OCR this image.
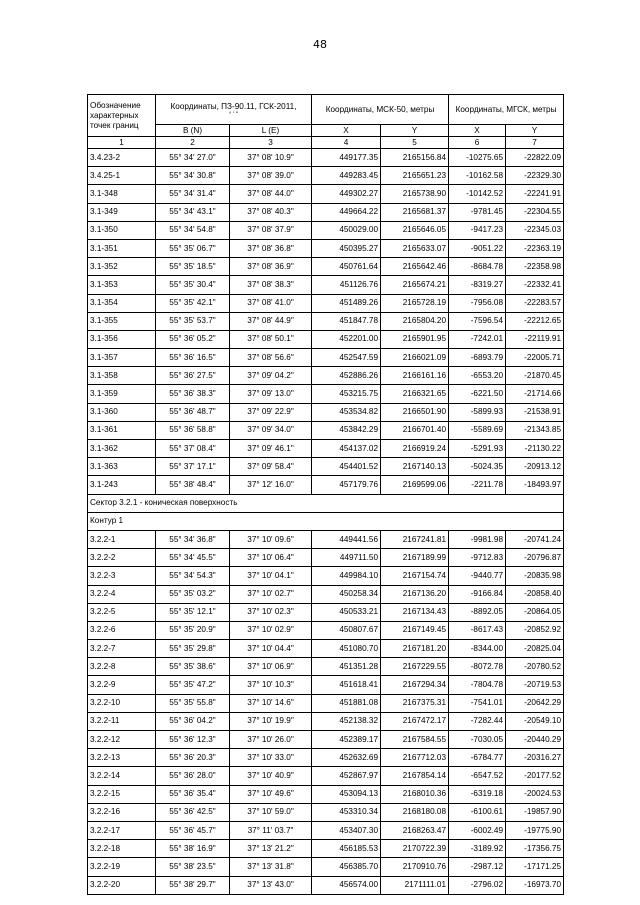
48
Обозначение характерных точек границ	Координаты, ПЗ-90.11, ГСК-2011,
° ' "		Координаты, МСК-50, метры		Координаты, МГСК, метры	
	B (N)	L (E)	X	Y	X	Y
1	2	3	4	5	6	7
3.4.23-2	55° 34' 27.0"	37° 08' 10.9"	449177.35	2165156.84	-10275.65	-22822.09
3.4.25-1	55° 34' 30.8"	37° 08' 39.0"	449283.45	2165651.23	-10162.58	-22329.30
3.1-348	55° 34' 31.4"	37° 08' 44.0"	449302.27	2165738.90	-10142.52	-22241.91
3.1-349	55° 34' 43.1"	37° 08' 40.3"	449664.22	2165681.37	-9781.45	-22304.55
3.1-350	55° 34' 54.8"	37° 08' 37.9"	450029.00	2165646.05	-9417.23	-22345.03
3.1-351	55° 35' 06.7"	37° 08' 36.8"	450395.27	2165633.07	-9051.22	-22363.19
3.1-352	55° 35' 18.5"	37° 08' 36.9"	450761.64	2165642.46	-8684.78	-22358.98
3.1-353	55° 35' 30.4"	37° 08' 38.3"	451126.76	2165674.21	-8319.27	-22332.41
3.1-354	55° 35' 42.1"	37° 08' 41.0"	451489.26	2165728.19	-7956.08	-22283.57
3.1-355	55° 35' 53.7"	37° 08' 44.9"	451847.78	2165804.20	-7596.54	-22212.65
3.1-356	55° 36' 05.2"	37° 08' 50.1"	452201.00	2165901.95	-7242.01	-22119.91
3.1-357	55° 36' 16.5"	37° 08' 56.6"	452547.59	2166021.09	-6893.79	-22005.71
3.1-358	55° 36' 27.5"	37° 09' 04.2"	452886.26	2166161.16	-6553.20	-21870.45
3.1-359	55° 36' 38.3"	37° 09' 13.0"	453215.75	2166321.65	-6221.50	-21714.66
3.1-360	55° 36' 48.7"	37° 09' 22.9"	453534.82	2166501.90	-5899.93	-21538.91
3.1-361	55° 36' 58.8"	37° 09' 34.0"	453842.29	2166701.40	-5589.69	-21343.85
3.1-362	55° 37' 08.4"	37° 09' 46.1"	454137.02	2166919.24	-5291.93	-21130.22
3.1-363	55° 37' 17.1"	37° 09' 58.4"	454401.52	2167140.13	-5024.35	-20913.12
3.1-243	55° 38' 48.4"	37° 12' 16.0"	457179.76	2169599.06	-2211.78	-18493.97
Сектор 3.2.1 - коническая поверхность						
Контур 1						
3.2.2-1	55° 34' 36.8"	37° 10' 09.6"	449441.56	2167241.81	-9981.98	-20741.24
3.2.2-2	55° 34' 45.5"	37° 10' 06.4"	449711.50	2167189.99	-9712.83	-20796.87
3.2.2-3	55° 34' 54.3"	37° 10' 04.1"	449984.10	2167154.74	-9440.77	-20835.98
3.2.2-4	55° 35' 03.2"	37° 10' 02.7"	450258.34	2167136.20	-9166.84	-20858.40
3.2.2-5	55° 35' 12.1"	37° 10' 02.3"	450533.21	2167134.43	-8892.05	-20864.05
3.2.2-6	55° 35' 20.9"	37° 10' 02.9"	450807.67	2167149.45	-8617.43	-20852.92
3.2.2-7	55° 35' 29.8"	37° 10' 04.4"	451080.70	2167181.20	-8344.00	-20825.04
3.2.2-8	55° 35' 38.6"	37° 10' 06.9"	451351.28	2167229.55	-8072.78	-20780.52
3.2.2-9	55° 35' 47.2"	37° 10' 10.3"	451618.41	2167294.34	-7804.78	-20719.53
3.2.2-10	55° 35' 55.8"	37° 10' 14.6"	451881.08	2167375.31	-7541.01	-20642.29
3.2.2-11	55° 36' 04.2"	37° 10' 19.9"	452138.32	2167472.17	-7282.44	-20549.10
3.2.2-12	55° 36' 12.3"	37° 10' 26.0"	452389.17	2167584.55	-7030.05	-20440.29
3.2.2-13	55° 36' 20.3"	37° 10' 33.0"	452632.69	2167712.03	-6784.77	-20316.27
3.2.2-14	55° 36' 28.0"	37° 10' 40.9"	452867.97	2167854.14	-6547.52	-20177.52
3.2.2-15	55° 36' 35.4"	37° 10' 49.6"	453094.13	2168010.36	-6319.18	-20024.53
3.2.2-16	55° 36' 42.5"	37° 10' 59.0"	453310.34	2168180.08	-6100.61	-19857.90
3.2.2-17	55° 36' 45.7"	37° 11' 03.7"	453407.30	2168263.47	-6002.49	-19775.90
3.2.2-18	55° 38' 16.9"	37° 13' 21.2"	456185.53	2170722.39	-3189.92	-17356.75
3.2.2-19	55° 38' 23.5"	37° 13' 31.8"	456385.70	2170910.76	-2987.12	-17171.25
3.2.2-20	55° 38' 29.7"	37° 13' 43.0"	456574.00	2171111.01	-2796.02	-16973.70
